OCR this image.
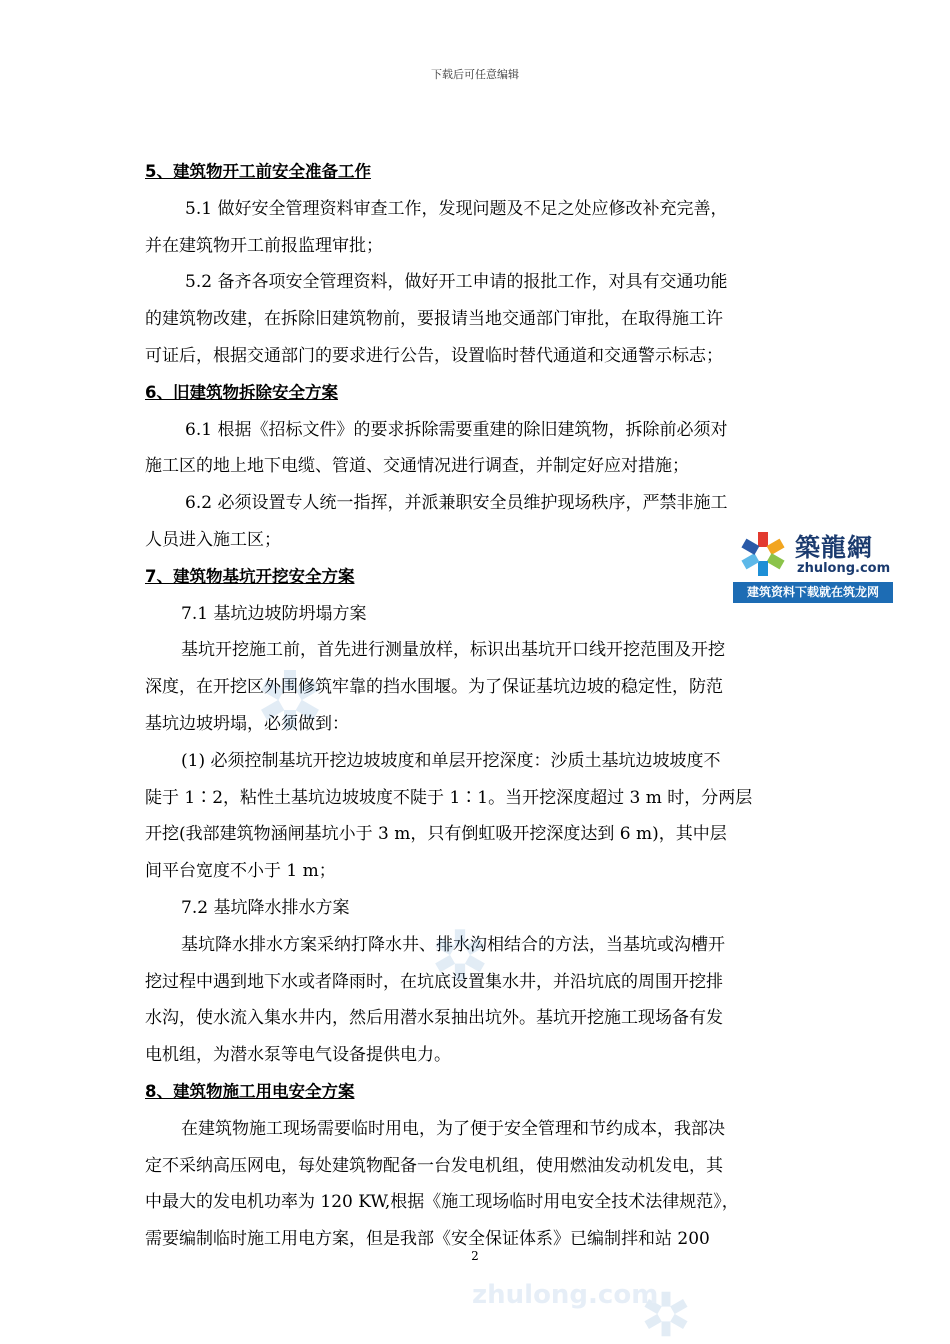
下载后可任意编辑

5、建筑物开工前安全准备工作

5.1 做好安全管理资料审查工作，发现问题及不足之处应修改补充完善，

并在建筑物开工前报监理审批；

5.2 备齐各项安全管理资料，做好开工申请的报批工作，对具有交通功能

的建筑物改建，在拆除旧建筑物前，要报请当地交通部门审批，在取得施工许

可证后，根据交通部门的要求进行公告，设置临时替代通道和交通警示标志；

6、旧建筑物拆除安全方案

6.1 根据《招标文件》的要求拆除需要重建的除旧建筑物，拆除前必须对

施工区的地上地下电缆、管道、交通情况进行调查，并制定好应对措施；

6.2 必须设置专人统一指挥，并派兼职安全员维护现场秩序，严禁非施工

人员进入施工区；

7、建筑物基坑开挖安全方案

7.1 基坑边坡防坍塌方案

基坑开挖施工前，首先进行测量放样，标识出基坑开口线开挖范围及开挖

深度，在开挖区外围修筑牢靠的挡水围堰。为了保证基坑边坡的稳定性，防范

基坑边坡坍塌，必须做到：

(1) 必须控制基坑开挖边坡坡度和单层开挖深度：沙质土基坑边坡坡度不

陡于 1∶2，粘性土基坑边坡坡度不陡于 1∶1。当开挖深度超过 3 m 时，分两层

开挖(我部建筑物涵闸基坑小于 3 m，只有倒虹吸开挖深度达到 6 m)，其中层

间平台宽度不小于 1 m；

7.2 基坑降水排水方案

基坑降水排水方案采纳打降水井、排水沟相结合的方法，当基坑或沟槽开

挖过程中遇到地下水或者降雨时，在坑底设置集水井，并沿坑底的周围开挖排

水沟，使水流入集水井内，然后用潜水泵抽出坑外。基坑开挖施工现场备有发

电机组，为潜水泵等电气设备提供电力。

8、建筑物施工用电安全方案

在建筑物施工现场需要临时用电，为了便于安全管理和节约成本，我部决

定不采纳高压网电，每处建筑物配备一台发电机组，使用燃油发动机发电，其

中最大的发电机功率为 120 KW,根据《施工现场临时用电安全技术法律规范》，

需要编制临时施工用电方案，但是我部《安全保证体系》已编制拌和站 200

築龍網
zhulong.com
建筑资料下载就在筑龙网
2
zhulong.com
